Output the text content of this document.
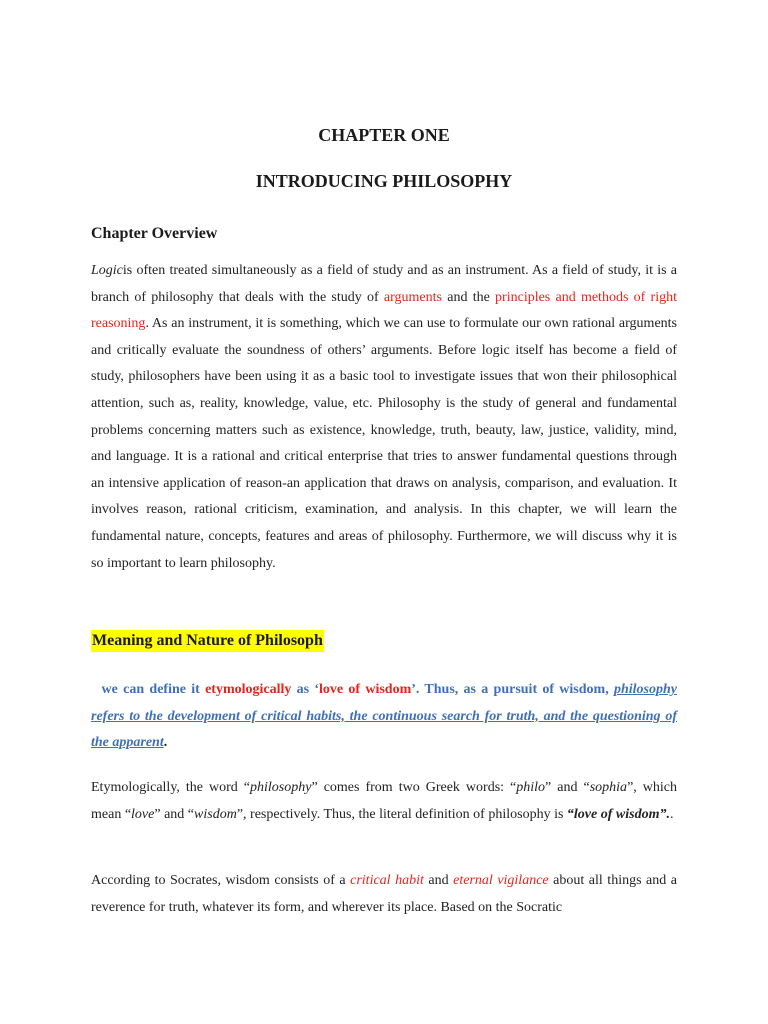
CHAPTER ONE
INTRODUCING PHILOSOPHY
Chapter Overview

Logicis often treated simultaneously as a field of study and as an instrument. As a field of study, it is a branch of philosophy that deals with the study of arguments and the principles and methods of right reasoning. As an instrument, it is something, which we can use to formulate our own rational arguments and critically evaluate the soundness of others’ arguments. Before logic itself has become a field of study, philosophers have been using it as a basic tool to investigate issues that won their philosophical attention, such as, reality, knowledge, value, etc. Philosophy is the study of general and fundamental problems concerning matters such as existence, knowledge, truth, beauty, law, justice, validity, mind, and language. It is a rational and critical enterprise that tries to answer fundamental questions through an intensive application of reason-an application that draws on analysis, comparison, and evaluation. It involves reason, rational criticism, examination, and analysis. In this chapter, we will learn the fundamental nature, concepts, features and areas of philosophy. Furthermore, we will discuss why it is so important to learn philosophy.

Meaning and Nature of Philosoph

we can define it etymologically as ‘love of wisdom’. Thus, as a pursuit of wisdom, philosophy refers to the development of critical habits, the continuous search for truth, and the questioning of the apparent.

Etymologically, the word “philosophy” comes from two Greek words: “philo” and “sophia”, which mean “love” and “wisdom”, respectively. Thus, the literal definition of philosophy is “love of wisdom”..

According to Socrates, wisdom consists of a critical habit and eternal vigilance about all things and a reverence for truth, whatever its form, and wherever its place. Based on the Socratic
